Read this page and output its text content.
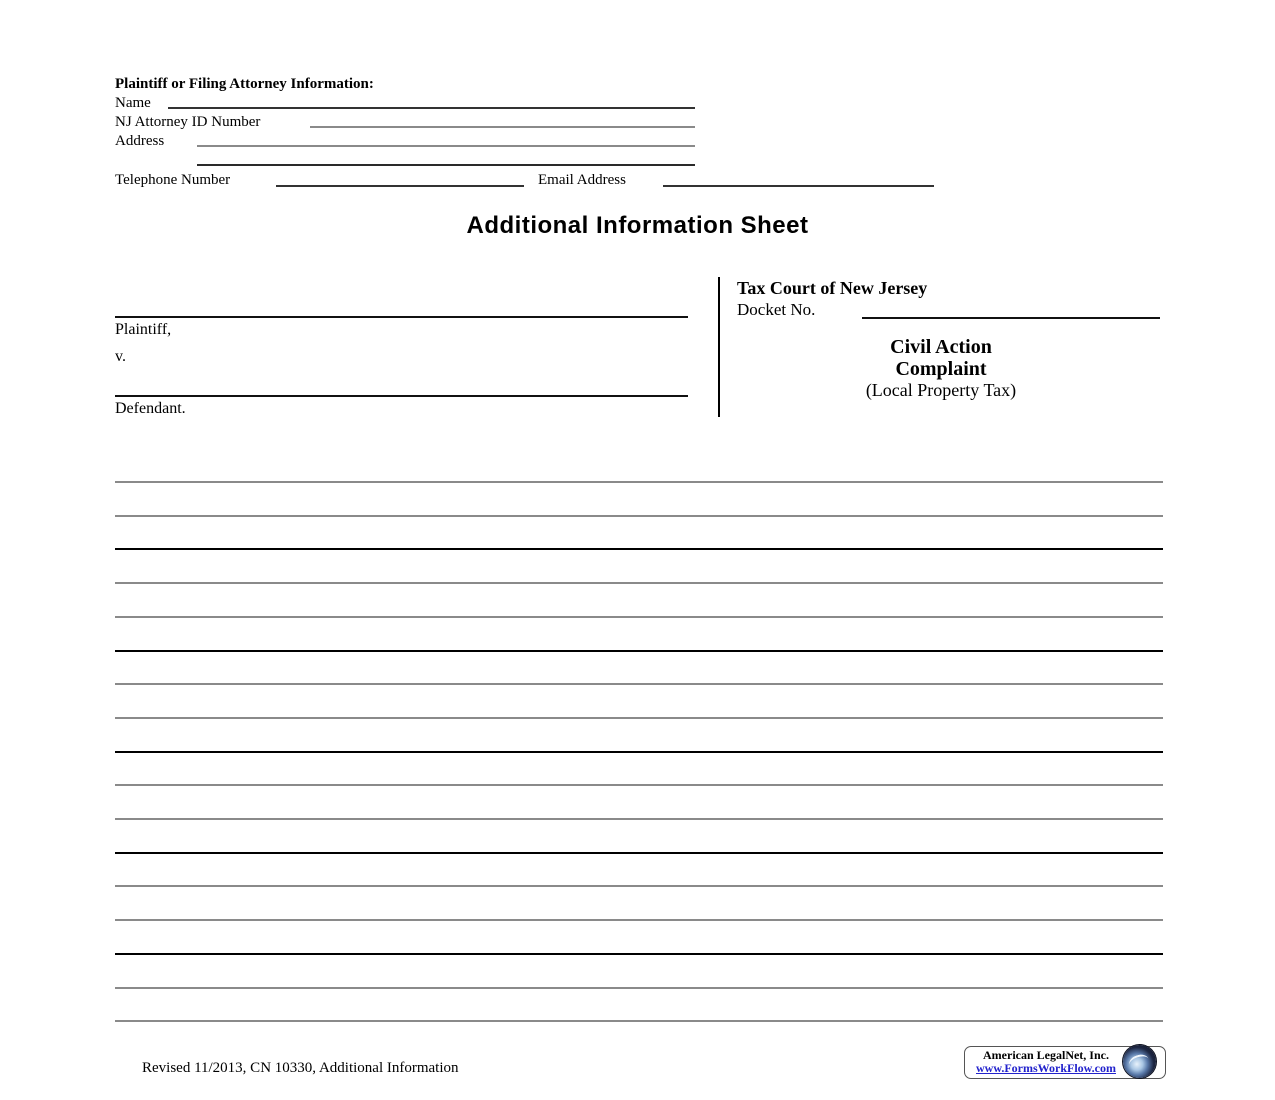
Plaintiff or Filing Attorney Information:
Name
NJ Attorney ID Number
Address
Telephone Number	Email Address
Additional Information Sheet
Plaintiff,
v.
Defendant.
Tax Court of New Jersey
Docket No.
Civil Action
Complaint
(Local Property Tax)
Revised 11/2013, CN 10330, Additional Information
American LegalNet, Inc.
www.FormsWorkFlow.com
